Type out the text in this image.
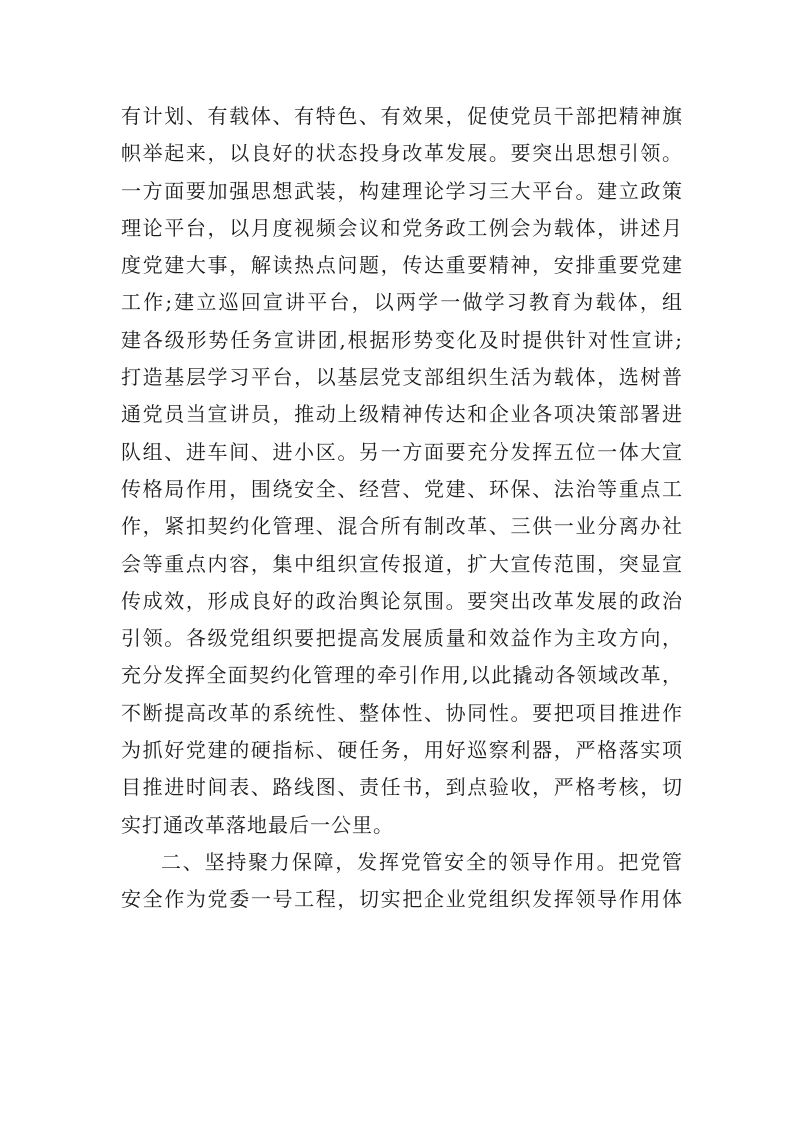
有计划、有载体、有特色、有效果，促使党员干部把精神旗
帜举起来，以良好的状态投身改革发展。要突出思想引领。
一方面要加强思想武装，构建理论学习三大平台。建立政策
理论平台，以月度视频会议和党务政工例会为载体，讲述月
度党建大事，解读热点问题，传达重要精神，安排重要党建
工作;建立巡回宣讲平台，以两学一做学习教育为载体，组
建各级形势任务宣讲团,根据形势变化及时提供针对性宣讲;
打造基层学习平台，以基层党支部组织生活为载体，选树普
通党员当宣讲员，推动上级精神传达和企业各项决策部署进
队组、进车间、进小区。另一方面要充分发挥五位一体大宣
传格局作用，围绕安全、经营、党建、环保、法治等重点工
作，紧扣契约化管理、混合所有制改革、三供一业分离办社
会等重点内容，集中组织宣传报道，扩大宣传范围，突显宣
传成效，形成良好的政治舆论氛围。要突出改革发展的政治
引领。各级党组织要把提高发展质量和效益作为主攻方向，
充分发挥全面契约化管理的牵引作用,以此撬动各领域改革，
不断提高改革的系统性、整体性、协同性。要把项目推进作
为抓好党建的硬指标、硬任务，用好巡察利器，严格落实项
目推进时间表、路线图、责任书，到点验收，严格考核，切
实打通改革落地最后一公里。
二、坚持聚力保障，发挥党管安全的领导作用。把党管
安全作为党委一号工程，切实把企业党组织发挥领导作用体
